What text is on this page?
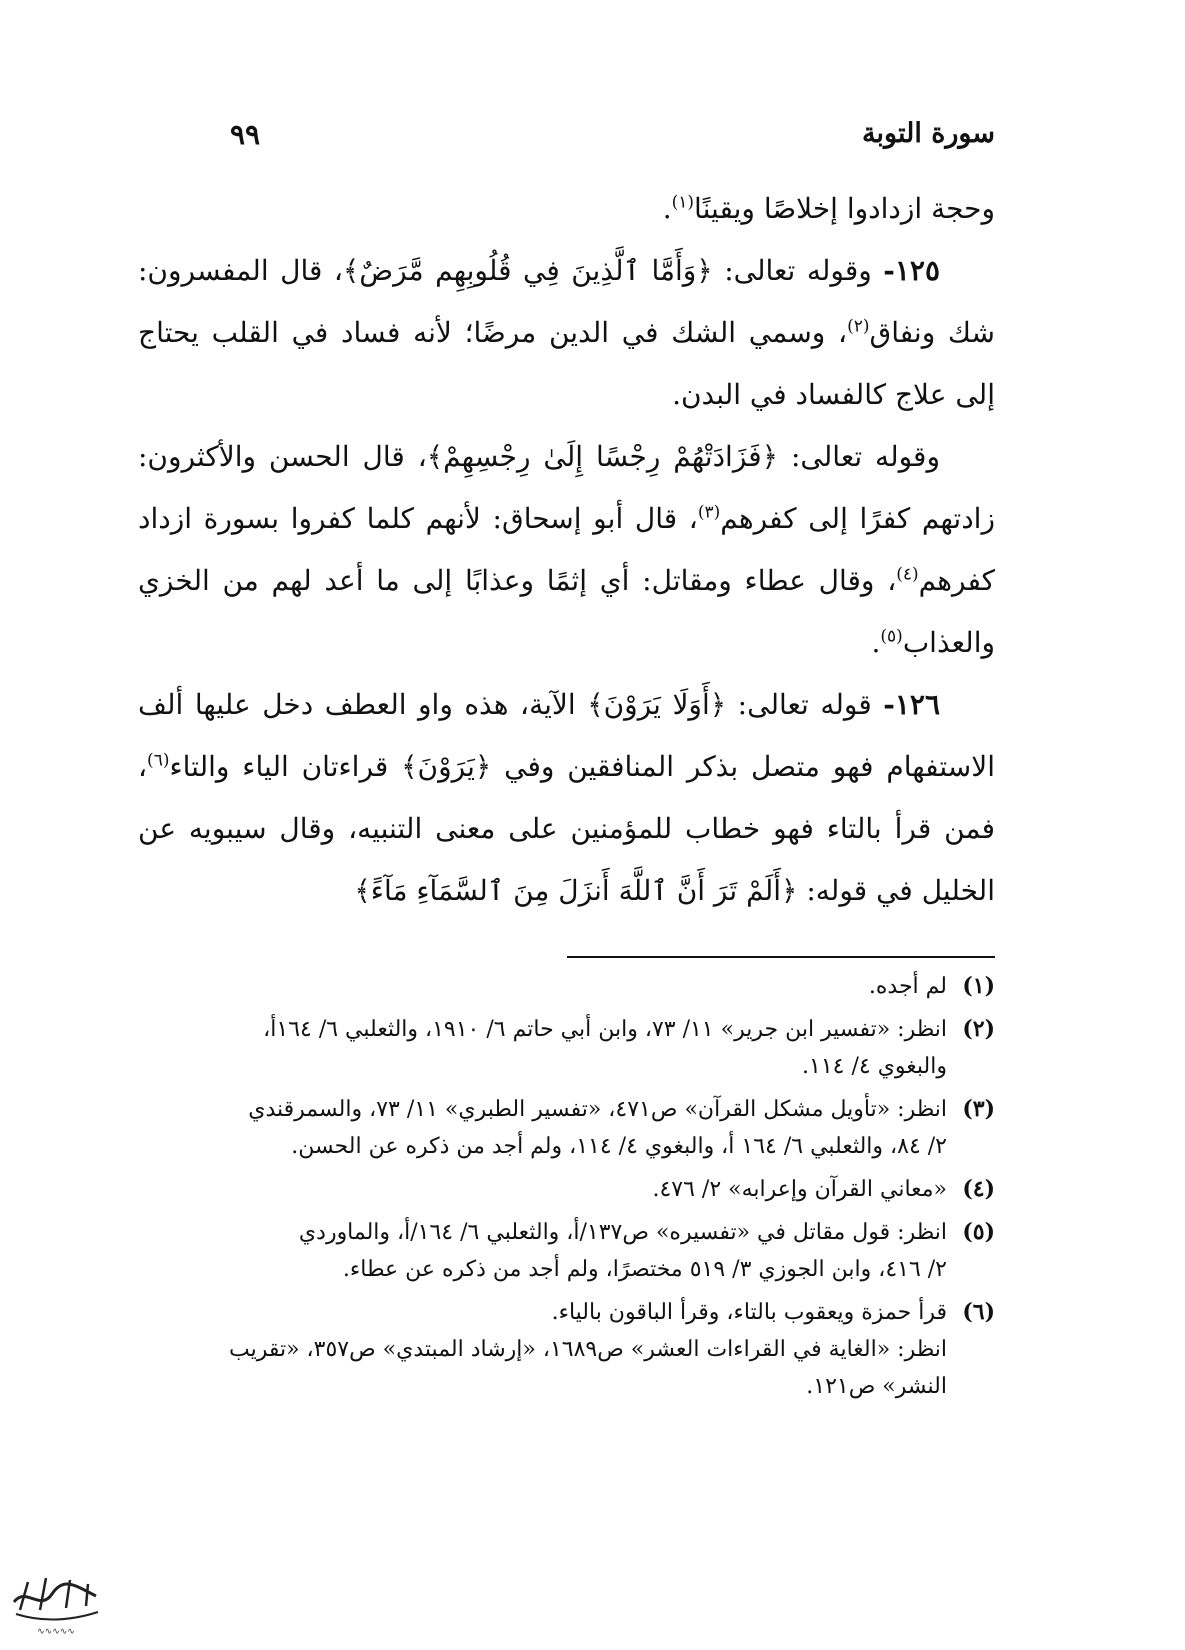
سورة التوبة
٩٩

وحجة ازدادوا إخلاصًا ويقينًا$^{(١)}$.

١٢٥- وقوله تعالى: ﴿وَأَمَّا ٱلَّذِينَ فِي قُلُوبِهِم مَّرَضٌ﴾، قال المفسرون: شك ونفاق$^{(٢)}$، وسمي الشك في الدين مرضًا؛ لأنه فساد في القلب يحتاج إلى علاج كالفساد في البدن.

وقوله تعالى: ﴿فَزَادَتْهُمْ رِجْسًا إِلَىٰ رِجْسِهِمْ﴾، قال الحسن والأكثرون: زادتهم كفرًا إلى كفرهم$^{(٣)}$، قال أبو إسحاق: لأنهم كلما كفروا بسورة ازداد كفرهم$^{(٤)}$، وقال عطاء ومقاتل: أي إثمًا وعذابًا إلى ما أعد لهم من الخزي والعذاب$^{(٥)}$.

١٢٦- قوله تعالى: ﴿أَوَلَا يَرَوْنَ﴾ الآية، هذه واو العطف دخل عليها ألف الاستفهام فهو متصل بذكر المنافقين وفي ﴿يَرَوْنَ﴾ قراءتان الياء والتاء$^{(٦)}$، فمن قرأ بالتاء فهو خطاب للمؤمنين على معنى التنبيه، وقال سيبويه عن الخليل في قوله: ﴿أَلَمْ تَرَ أَنَّ ٱللَّهَ أَنزَلَ مِنَ ٱلسَّمَآءِ مَآءً﴾

(١)
لم أجده.
(٢)
انظر: «تفسير ابن جرير» ١١/ ٧٣، وابن أبي حاتم ٦/ ١٩١٠، والثعلبي ٦/ ١٦٤أ،
والبغوي ٤/ ١١٤.
(٣)
انظر: «تأويل مشكل القرآن» ص٤٧١، «تفسير الطبري» ١١/ ٧٣، والسمرقندي
٢/ ٨٤، والثعلبي ٦/ ١٦٤ أ، والبغوي ٤/ ١١٤، ولم أجد من ذكره عن الحسن.
(٤)
«معاني القرآن وإعرابه» ٢/ ٤٧٦.
(٥)
انظر: قول مقاتل في «تفسيره» ص١٣٧/أ، والثعلبي ٦/ ١٦٤/أ، والماوردي
٢/ ٤١٦، وابن الجوزي ٣/ ٥١٩ مختصرًا، ولم أجد من ذكره عن عطاء.
(٦)
قرأ حمزة ويعقوب بالتاء، وقرأ الباقون بالياء.
انظر: «الغاية في القراءات العشر» ص١٦٨٩، «إرشاد المبتدي» ص٣٥٧، «تقريب
النشر» ص١٢١.
∿∿∿∿∿
